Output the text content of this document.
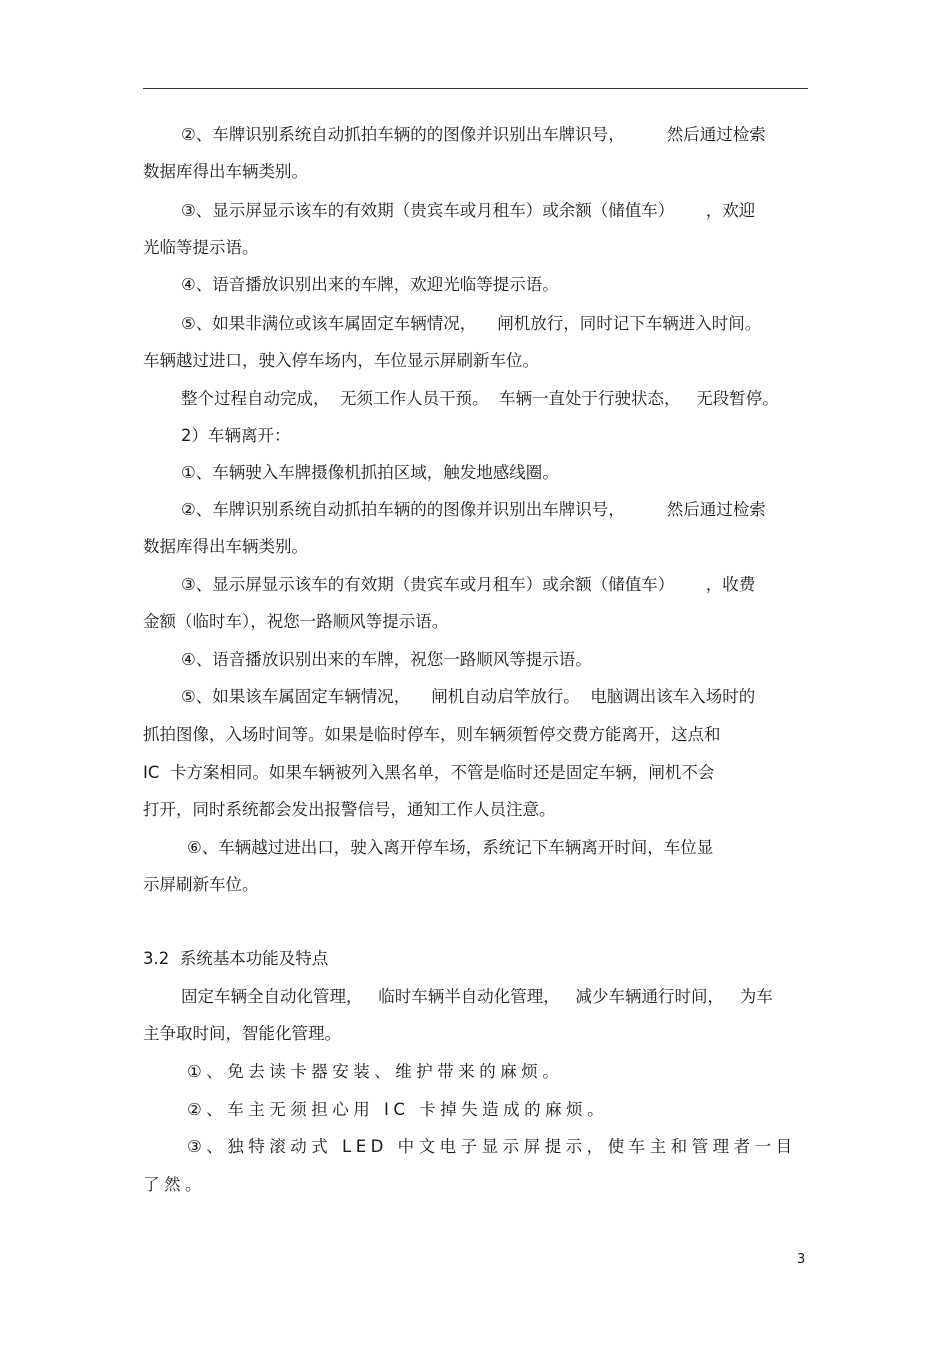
②、车牌识别系统自动抓拍车辆的的图像并识别出车牌识号，        然后通过检索
数据库得出车辆类别。
③、显示屏显示该车的有效期（贵宾车或月租车）或余额（储值车）      ，欢迎
光临等提示语。
④、语音播放识别出来的车牌，欢迎光临等提示语。
⑤、如果非满位或该车属固定车辆情况，    闸机放行，同时记下车辆进入时间。
车辆越过进口，驶入停车场内，车位显示屏刷新车位。
整个过程自动完成，  无须工作人员干预。  车辆一直处于行驶状态，   无段暂停。
2）车辆离开：
①、车辆驶入车牌摄像机抓拍区域，触发地感线圈。
②、车牌识别系统自动抓拍车辆的的图像并识别出车牌识号，        然后通过检索
数据库得出车辆类别。
③、显示屏显示该车的有效期（贵宾车或月租车）或余额（储值车）      ，收费
金额（临时车），祝您一路顺风等提示语。
④、语音播放识别出来的车牌，祝您一路顺风等提示语。
⑤、如果该车属固定车辆情况，    闸机自动启竿放行。  电脑调出该车入场时的
抓拍图像，入场时间等。如果是临时停车，则车辆须暂停交费方能离开，这点和
IC  卡方案相同。如果车辆被列入黑名单，不管是临时还是固定车辆，闸机不会
打开，同时系统都会发出报警信号，通知工作人员注意。
⑥、车辆越过进出口，驶入离开停车场，系统记下车辆离开时间，车位显
示屏刷新车位。
3.2  系统基本功能及特点
固定车辆全自动化管理，   临时车辆半自动化管理，   减少车辆通行时间，   为车
主争取时间，智能化管理。
①、免去读卡器安装、维护带来的麻烦。
②、车主无须担心用 IC 卡掉失造成的麻烦。
③、独特滚动式 LED 中文电子显示屏提示，使车主和管理者一目
了然。
3
